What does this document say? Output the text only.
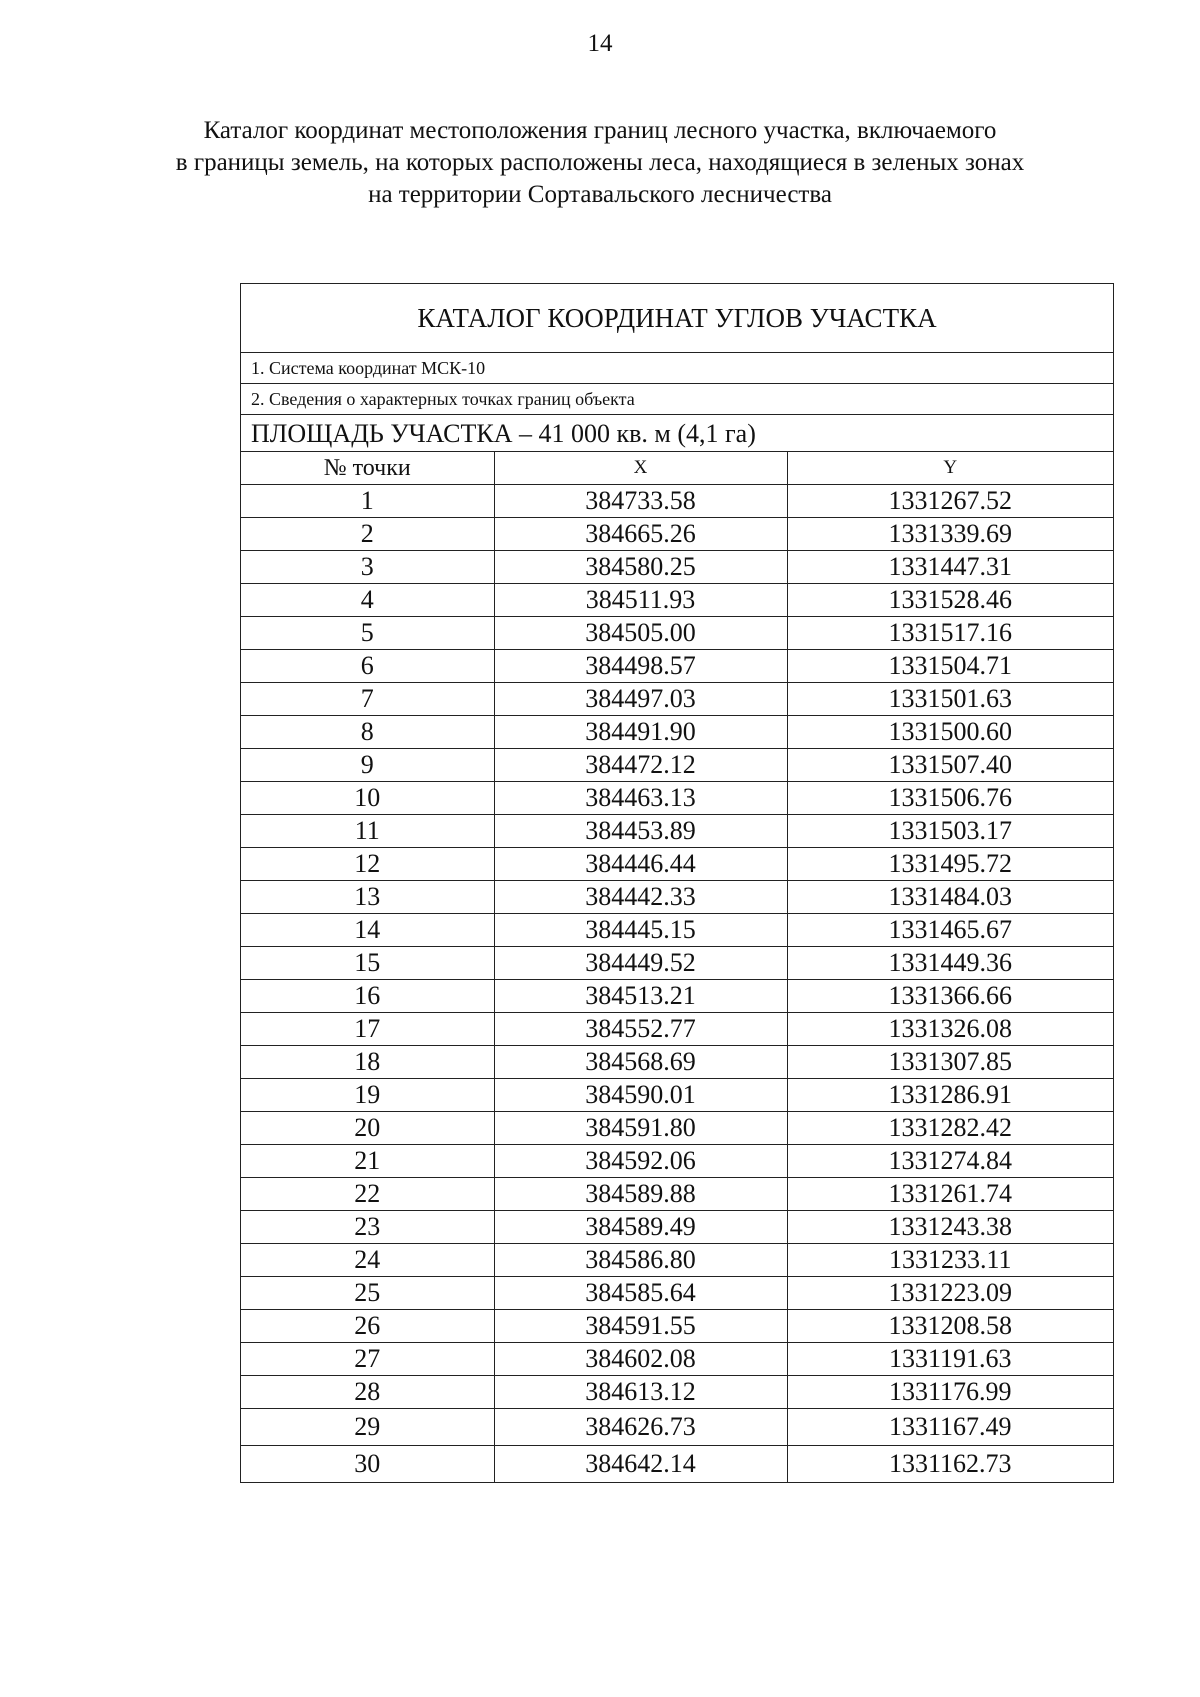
14
Каталог координат местоположения границ лесного участка, включаемого
в границы земель, на которых расположены леса, находящиеся в зеленых зонах
на территории Сортавальского лесничества
КАТАЛОГ КООРДИНАТ УГЛОВ УЧАСТКА
1. Система координат МСК-10
2. Сведения о характерных точках границ объекта
ПЛОЩАДЬ УЧАСТКА – 41 000 кв. м (4,1 га)
№ точки	X	Y
1	384733.58	1331267.52
2	384665.26	1331339.69
3	384580.25	1331447.31
4	384511.93	1331528.46
5	384505.00	1331517.16
6	384498.57	1331504.71
7	384497.03	1331501.63
8	384491.90	1331500.60
9	384472.12	1331507.40
10	384463.13	1331506.76
11	384453.89	1331503.17
12	384446.44	1331495.72
13	384442.33	1331484.03
14	384445.15	1331465.67
15	384449.52	1331449.36
16	384513.21	1331366.66
17	384552.77	1331326.08
18	384568.69	1331307.85
19	384590.01	1331286.91
20	384591.80	1331282.42
21	384592.06	1331274.84
22	384589.88	1331261.74
23	384589.49	1331243.38
24	384586.80	1331233.11
25	384585.64	1331223.09
26	384591.55	1331208.58
27	384602.08	1331191.63
28	384613.12	1331176.99
29	384626.73	1331167.49
30	384642.14	1331162.73
